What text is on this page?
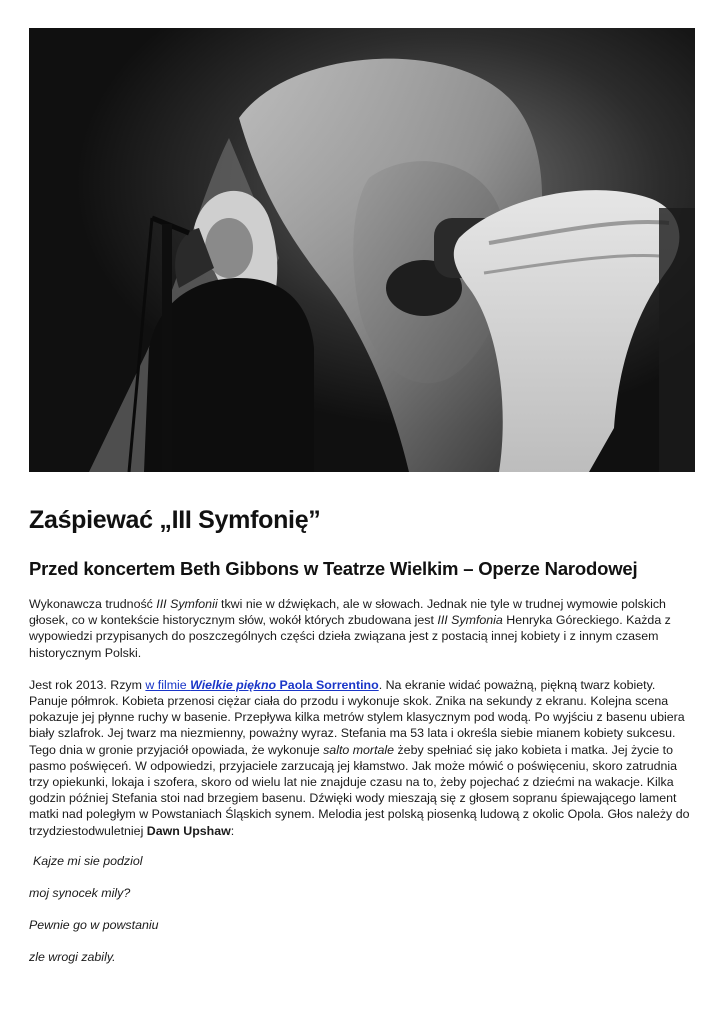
Zaśpiewać „III Symfonię”
Przed koncertem Beth Gibbons w Teatrze Wielkim – Operze Narodowej

Wykonawcza trudność III Symfonii tkwi nie w dźwiękach, ale w słowach. Jednak nie tyle w trudnej wymowie polskich głosek, co w kontekście historycznym słów, wokół których zbudowana jest III Symfonia Henryka Góreckiego. Każda z wypowiedzi przypisanych do poszczególnych części dzieła związana jest z postacią innej kobiety i z innym czasem historycznym Polski.

Jest rok 2013. Rzym w filmie Wielkie piękno Paola Sorrentino. Na ekranie widać poważną, piękną twarz kobiety. Panuje półmrok. Kobieta przenosi ciężar ciała do przodu i wykonuje skok. Znika na sekundy z ekranu. Kolejna scena pokazuje jej płynne ruchy w basenie. Przepływa kilka metrów stylem klasycznym pod wodą. Po wyjściu z basenu ubiera biały szlafrok. Jej twarz ma niezmienny, poważny wyraz. Stefania ma 53 lata i określa siebie mianem kobiety sukcesu. Tego dnia w gronie przyjaciół opowiada, że wykonuje salto mortale żeby spełniać się jako kobieta i matka. Jej życie to pasmo poświęceń. W odpowiedzi, przyjaciele zarzucają jej kłamstwo. Jak może mówić o poświęceniu, skoro zatrudnia trzy opiekunki, lokaja i szofera, skoro od wielu lat nie znajduje czasu na to, żeby pojechać z dziećmi na wakacje. Kilka godzin później Stefania stoi nad brzegiem basenu. Dźwięki wody mieszają się z głosem sopranu śpiewającego lament matki nad poległym w Powstaniach Śląskich synem. Melodia jest polską piosenką ludową z okolic Opola. Głos należy do trzydziestodwuletniej Dawn Upshaw:

Kajze mi sie podziol
moj synocek mily?
Pewnie go w powstaniu
zle wrogi zabily.
